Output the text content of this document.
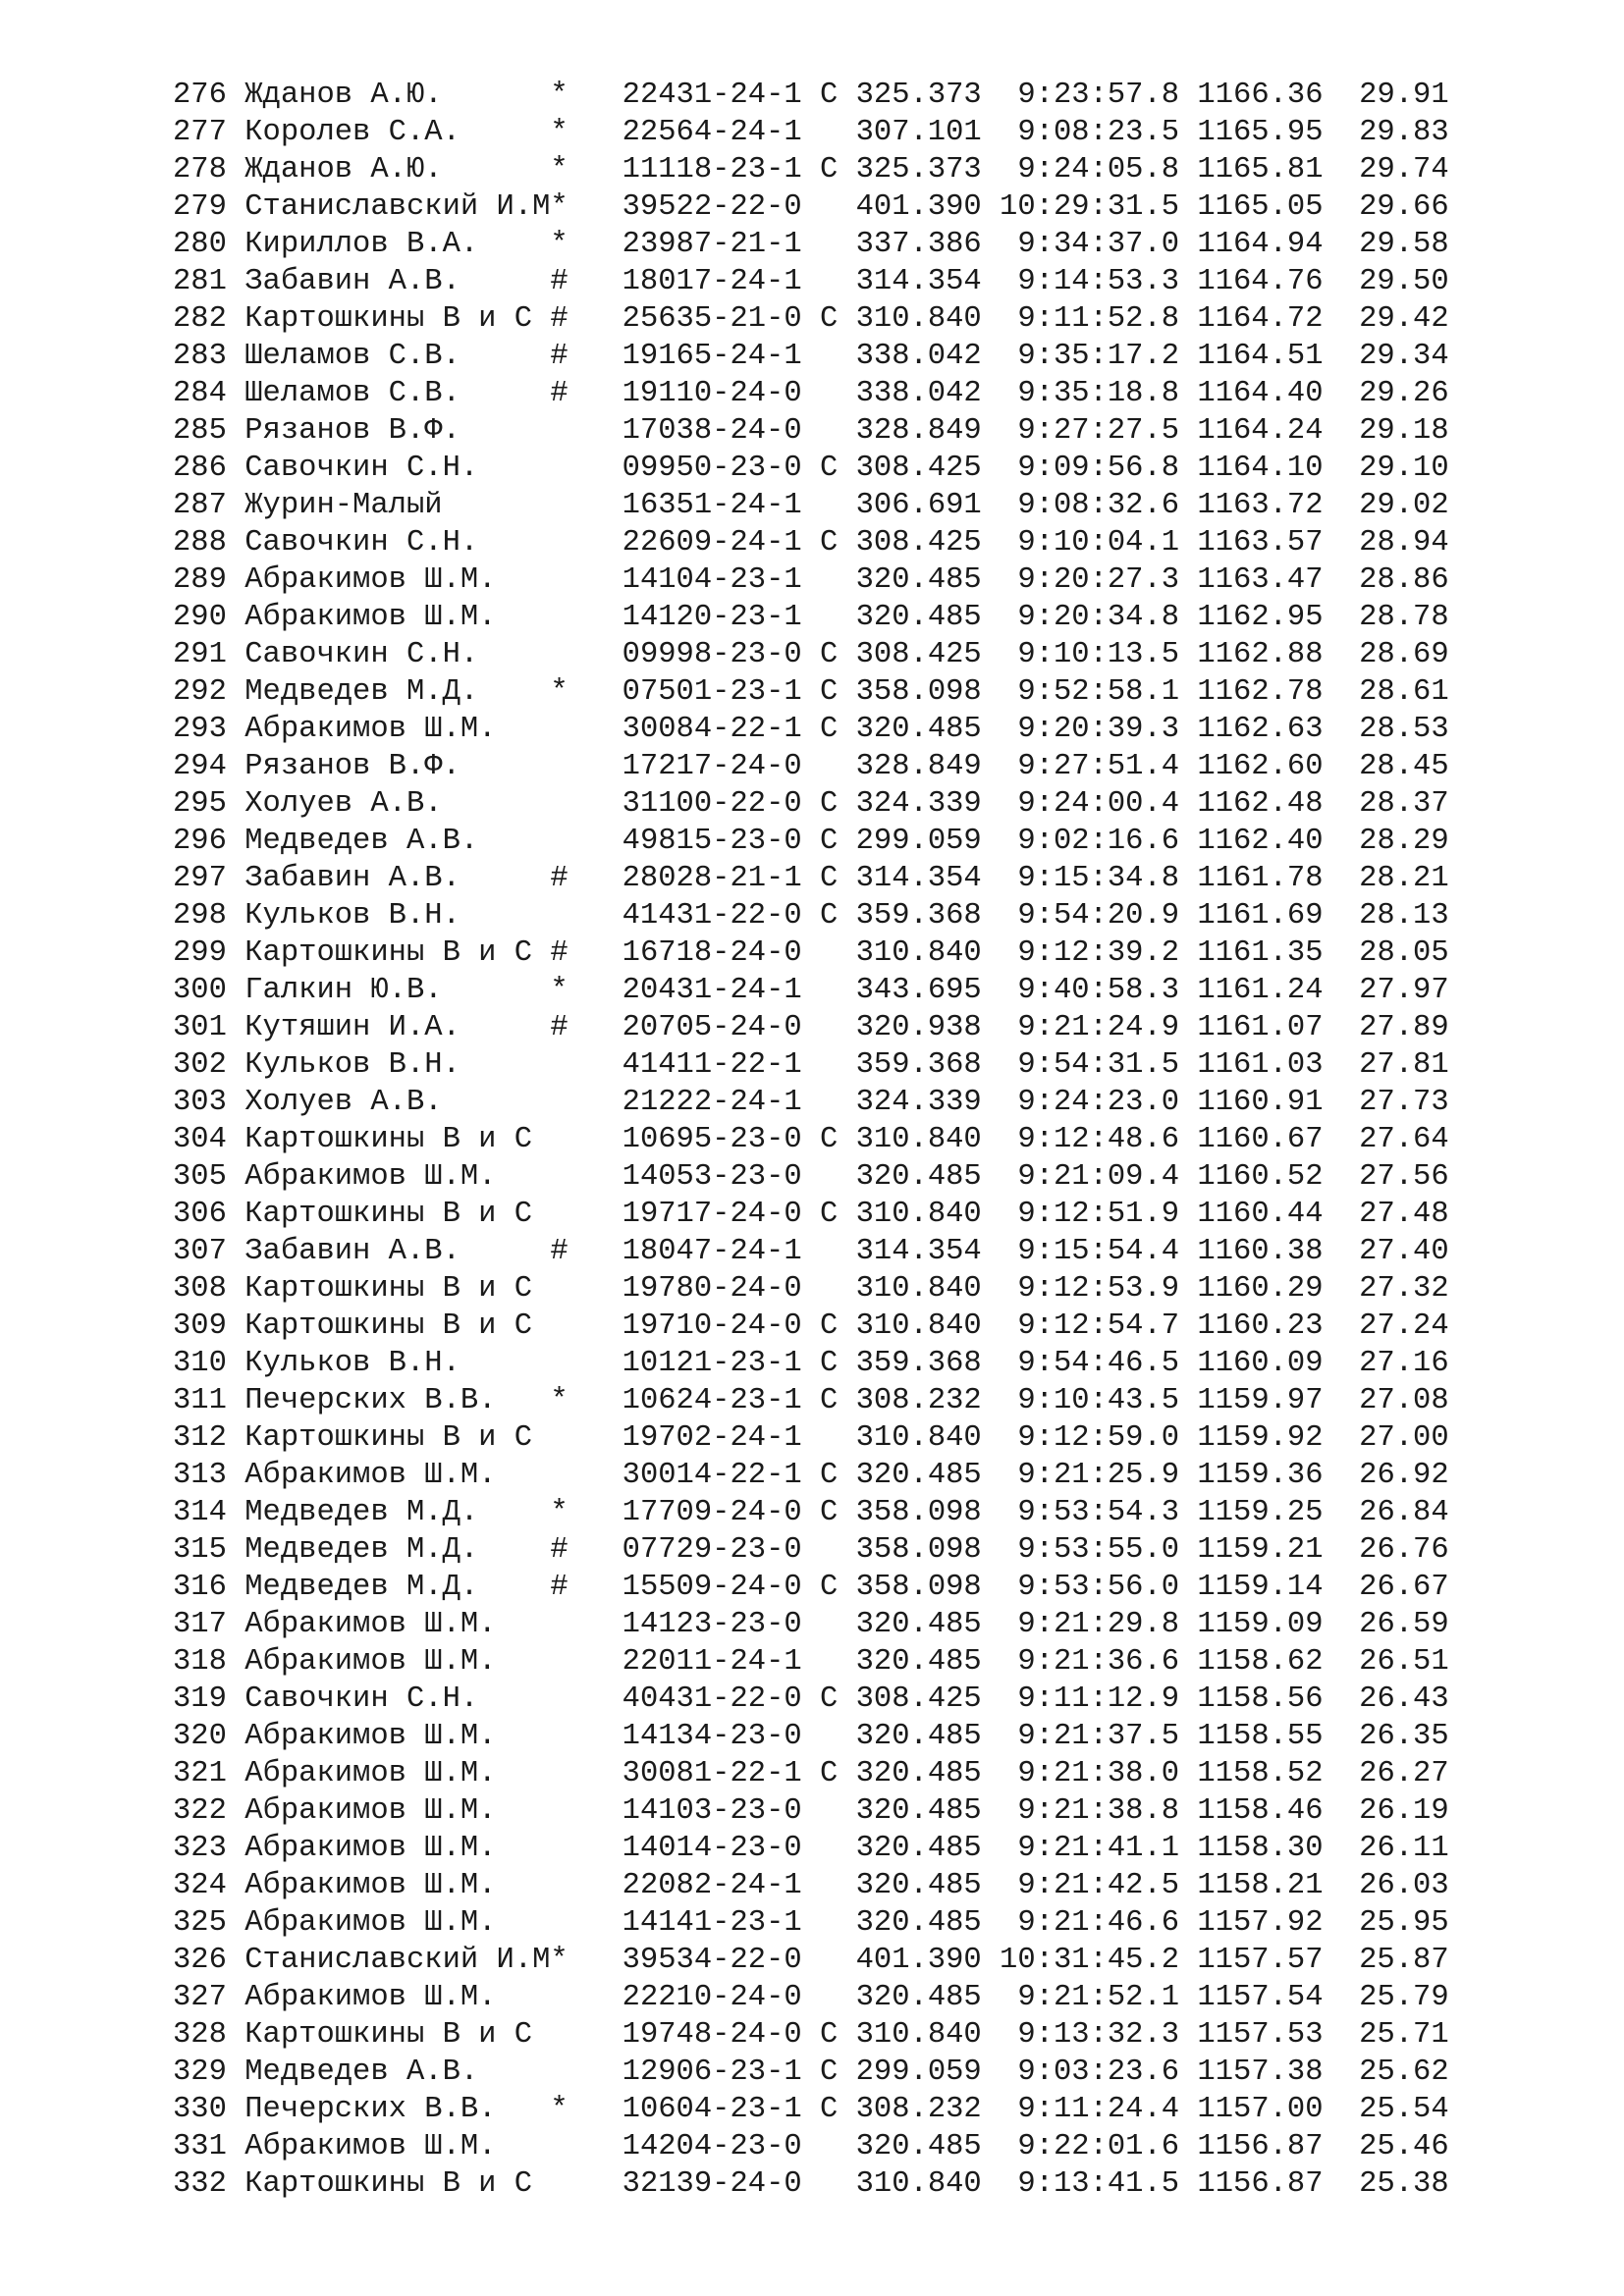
276 Жданов А.Ю.	* 22431-24-1 С 325.373 9:23:57.8 1166.36 29.91
277 Королев С.А.	* 22564-24-1 307.101 9:08:23.5 1165.95 29.83
278 Жданов А.Ю.	* 11118-23-1 С 325.373 9:24:05.8 1165.81 29.74
279 Станиславский И.М* 39522-22-0 401.390 10:29:31.5 1165.05 29.66
280 Кириллов В.А. * 23987-21-1 337.386 9:34:37.0 1164.94 29.58
281 Забавин А.В.	# 18017-24-1 314.354 9:14:53.3 1164.76 29.50
282 Картошкины В и С # 25635-21-0 С 310.840 9:11:52.8 1164.72 29.42
283 Шеламов С.В.	# 19165-24-1 338.042 9:35:17.2 1164.51 29.34
284 Шеламов С.В.	# 19110-24-0 338.042 9:35:18.8 1164.40 29.26
285 Рязанов В.Ф.	17038-24-0 328.849 9:27:27.5 1164.24 29.18
286 Савочкин С.Н.	09950-23-0 С 308.425 9:09:56.8 1164.10 29.10
287 Журин-Малый	16351-24-1 306.691 9:08:32.6 1163.72 29.02
288 Савочкин С.Н.	22609-24-1 С 308.425 9:10:04.1 1163.57 28.94
289 Абракимов Ш.М.	14104-23-1 320.485 9:20:27.3 1163.47 28.86
290 Абракимов Ш.М.	14120-23-1 320.485 9:20:34.8 1162.95 28.78
291 Савочкин С.Н.	09998-23-0 С 308.425 9:10:13.5 1162.88 28.69
292 Медведев М.Д. * 07501-23-1 С 358.098 9:52:58.1 1162.78 28.61
293 Абракимов Ш.М.	30084-22-1 С 320.485 9:20:39.3 1162.63 28.53
294 Рязанов В.Ф.	17217-24-0 328.849 9:27:51.4 1162.60 28.45
295 Холуев А.В.	31100-22-0 С 324.339 9:24:00.4 1162.48 28.37
296 Медведев А.В.	49815-23-0 С 299.059 9:02:16.6 1162.40 28.29
297 Забавин А.В.	# 28028-21-1 С 314.354 9:15:34.8 1161.78 28.21
298 Кульков В.Н.	41431-22-0 С 359.368 9:54:20.9 1161.69 28.13
299 Картошкины В и С # 16718-24-0 310.840 9:12:39.2 1161.35 28.05
300 Галкин Ю.В.	* 20431-24-1 343.695 9:40:58.3 1161.24 27.97
301 Кутяшин И.А.	# 20705-24-0 320.938 9:21:24.9 1161.07 27.89
302 Кульков В.Н.	41411-22-1 359.368 9:54:31.5 1161.03 27.81
303 Холуев А.В.	21222-24-1 324.339 9:24:23.0 1160.91 27.73
304 Картошкины В и С	10695-23-0 С 310.840 9:12:48.6 1160.67 27.64
305 Абракимов Ш.М.	14053-23-0 320.485 9:21:09.4 1160.52 27.56
306 Картошкины В и С	19717-24-0 С 310.840 9:12:51.9 1160.44 27.48
307 Забавин А.В.	# 18047-24-1 314.354 9:15:54.4 1160.38 27.40
308 Картошкины В и С	19780-24-0 310.840 9:12:53.9 1160.29 27.32
309 Картошкины В и С	19710-24-0 С 310.840 9:12:54.7 1160.23 27.24
310 Кульков В.Н.	10121-23-1 С 359.368 9:54:46.5 1160.09 27.16
311 Печерских В.В. * 10624-23-1 С 308.232 9:10:43.5 1159.97 27.08
312 Картошкины В и С	19702-24-1 310.840 9:12:59.0 1159.92 27.00
313 Абракимов Ш.М.	30014-22-1 С 320.485 9:21:25.9 1159.36 26.92
314 Медведев М.Д. * 17709-24-0 С 358.098 9:53:54.3 1159.25 26.84
315 Медведев М.Д. # 07729-23-0 358.098 9:53:55.0 1159.21 26.76
316 Медведев М.Д. # 15509-24-0 С 358.098 9:53:56.0 1159.14 26.67
317 Абракимов Ш.М.	14123-23-0 320.485 9:21:29.8 1159.09 26.59
318 Абракимов Ш.М.	22011-24-1 320.485 9:21:36.6 1158.62 26.51
319 Савочкин С.Н.	40431-22-0 С 308.425 9:11:12.9 1158.56 26.43
320 Абракимов Ш.М.	14134-23-0 320.485 9:21:37.5 1158.55 26.35
321 Абракимов Ш.М.	30081-22-1 С 320.485 9:21:38.0 1158.52 26.27
322 Абракимов Ш.М.	14103-23-0 320.485 9:21:38.8 1158.46 26.19
323 Абракимов Ш.М.	14014-23-0 320.485 9:21:41.1 1158.30 26.11
324 Абракимов Ш.М.	22082-24-1 320.485 9:21:42.5 1158.21 26.03
325 Абракимов Ш.М.	14141-23-1 320.485 9:21:46.6 1157.92 25.95
326 Станиславский И.М* 39534-22-0 401.390 10:31:45.2 1157.57 25.87
327 Абракимов Ш.М.	22210-24-0 320.485 9:21:52.1 1157.54 25.79
328 Картошкины В и С	19748-24-0 С 310.840 9:13:32.3 1157.53 25.71
329 Медведев А.В.	12906-23-1 С 299.059 9:03:23.6 1157.38 25.62
330 Печерских В.В. * 10604-23-1 С 308.232 9:11:24.4 1157.00 25.54
331 Абракимов Ш.М.	14204-23-0 320.485 9:22:01.6 1156.87 25.46
332 Картошкины В и С	32139-24-0 310.840 9:13:41.5 1156.87 25.38
